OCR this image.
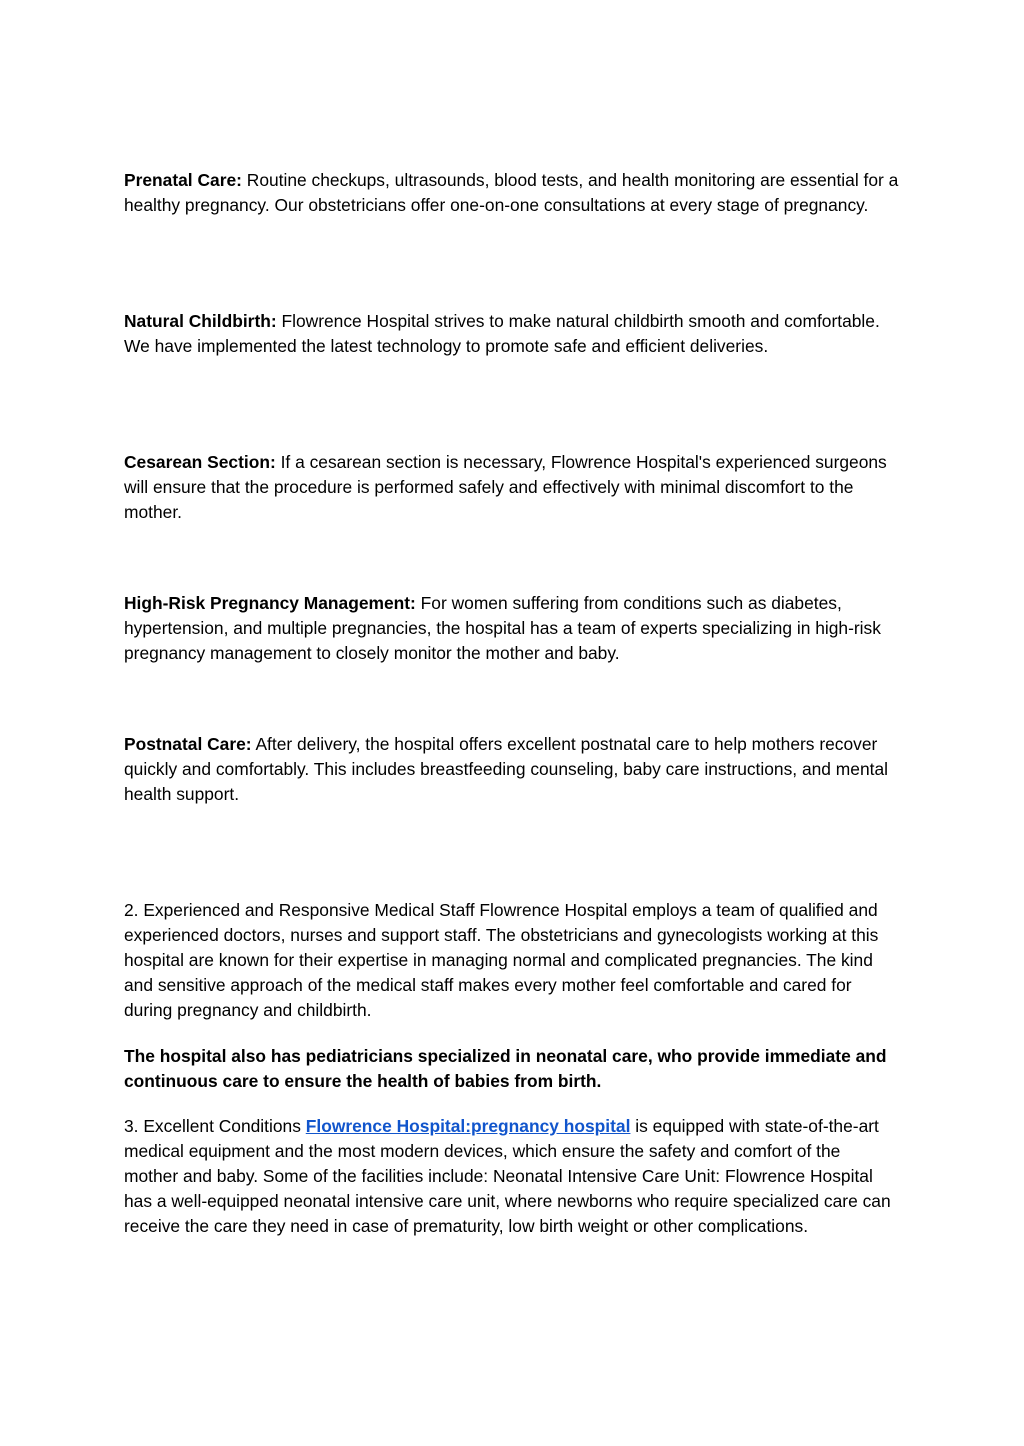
Prenatal Care: Routine checkups, ultrasounds, blood tests, and health monitoring are essential for a healthy pregnancy. Our obstetricians offer one-on-one consultations at every stage of pregnancy.

Natural Childbirth: Flowrence Hospital strives to make natural childbirth smooth and comfortable. We have implemented the latest technology to promote safe and efficient deliveries.

Cesarean Section: If a cesarean section is necessary, Flowrence Hospital's experienced surgeons will ensure that the procedure is performed safely and effectively with minimal discomfort to the mother.

High-Risk Pregnancy Management: For women suffering from conditions such as diabetes, hypertension, and multiple pregnancies, the hospital has a team of experts specializing in high-risk pregnancy management to closely monitor the mother and baby.

Postnatal Care: After delivery, the hospital offers excellent postnatal care to help mothers recover quickly and comfortably. This includes breastfeeding counseling, baby care instructions, and mental health support.

2. Experienced and Responsive Medical Staff Flowrence Hospital employs a team of qualified and experienced doctors, nurses and support staff. The obstetricians and gynecologists working at this hospital are known for their expertise in managing normal and complicated pregnancies. The kind and sensitive approach of the medical staff makes every mother feel comfortable and cared for during pregnancy and childbirth.

The hospital also has pediatricians specialized in neonatal care, who provide immediate and continuous care to ensure the health of babies from birth.

3. Excellent Conditions Flowrence Hospital:pregnancy hospital is equipped with state-of-the-art medical equipment and the most modern devices, which ensure the safety and comfort of the mother and baby. Some of the facilities include: Neonatal Intensive Care Unit: Flowrence Hospital has a well-equipped neonatal intensive care unit, where newborns who require specialized care can receive the care they need in case of prematurity, low birth weight or other complications.
